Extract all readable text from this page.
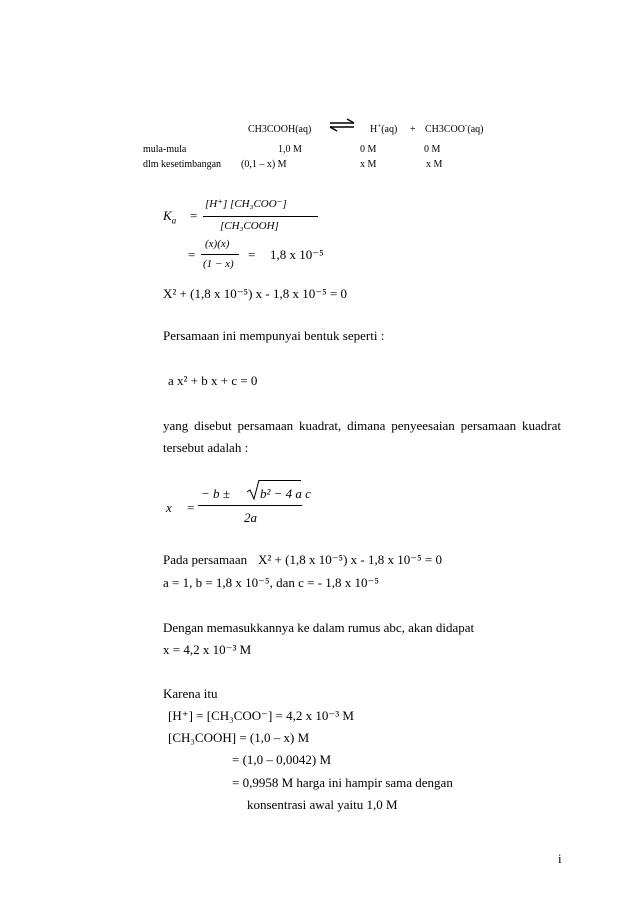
CH3COOH(aq) ⇌ H+(aq) + CH3COO-(aq)
mula-mula	1,0 M	0 M	0 M
dlm kesetimbangan (0,1 – x) M	x M	x M
$K_a$ =
[H⁺] [CH₃COO⁻]
[CH₃COOH]
=
(x)(x)
(1 − x)
= 1,8 x 10⁻⁵
X² + (1,8 x 10⁻⁵) x - 1,8 x 10⁻⁵ = 0
Persamaan ini mempunyai bentuk seperti :
a x² + b x + c = 0
yang disebut persamaan kuadrat, dimana penyeesaian persamaan kuadrat
tersebut adalah :
x =
− b ± b² − 4 a c
2a
Pada persamaan X² + (1,8 x 10⁻⁵) x - 1,8 x 10⁻⁵ = 0
a = 1, b = 1,8 x 10⁻⁵, dan c = - 1,8 x 10⁻⁵
Dengan memasukkannya ke dalam rumus abc, akan didapat
x = 4,2 x 10⁻³ M
Karena itu
[H⁺] = [CH₃COO⁻] = 4,2 x 10⁻³ M
[CH₃COOH] = (1,0 – x) M
= (1,0 – 0,0042) M
= 0,9958 M harga ini hampir sama dengan
konsentrasi awal yaitu 1,0 M
i
